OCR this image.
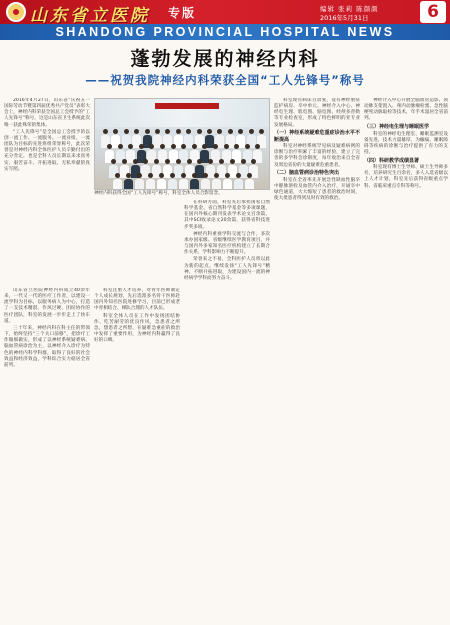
山东省立医院 专版	编辑 张莉 陈颜颜
2016年5月31日	6
SHANDONG PROVINCIAL HOSPITAL NEWS
蓬勃发展的神经内科
——祝贺我院神经内科荣获全国“工人先锋号”称号

2016年4月27日，山东省“庆祝五一国际劳动节暨第四届优秀共产党员”表彰大会上，神经内科荣获全国总工会授予的“工人先锋号”称号，这是山东省卫生系统此次唯一获此殊荣的集体。

“工人先锋号”是全国总工会授予的以创一流工作、一流服务、一流业绩、一流团队为目标的先进班组荣誉称号，此次荣誉是对神经内科全体医护人员辛勤付出的充分肯定，也是全科人员长期以来求真务实、艰苦奋斗、开拓进取、无私奉献的真实写照。

神经内科获得全国“工人先锋号”称号，科室全体人员合影留念。

山东省立医院神经内科成立40余年来，一代又一代的医疗工作者，以建设一流学科为目标，以服务病人为中心，打造了一支技术精湛、作风过硬、团结协作的医疗团队，科室的发展一步步走上了快车道。

三十年来，神经内科在科主任的带领下，始终坚持“三个关口前移”，把诊疗工作做细做实，形成了以神经系统疑难病、脑血管病诊治为主，以神经介入诊疗为特色的神经内科学科群，取得了良好的社会效益和经济效益，学科综合实力稳居全省前列。

科室注重人才培养，对青年医师制定个人成长规划，先后选派多名骨干医师赴国内外知名医院进修学习，目前已形成老中青相结合、梯队合理的人才队伍。

科室全体人员在工作中发扬团结协作、吃苦耐劳的优良作风，急患者之所急，想患者之所想，在疑难急重症的救治中发挥了重要作用，为神经内科赢得了良好的口碑。

在科研方面，科室先后承担国家自然科学基金、省自然科学基金等多项课题，在国内外核心期刊发表学术论文百余篇，其中SCI收录论文20余篇，获得省科技进步奖多项。

神经内科重视学科交流与合作，多次承办国家级、省级继续医学教育项目，并与国内外多家知名医疗机构建立了长期合作关系，学科影响力不断提升。

荣誉来之不易，全科医护人员将以此为新的起点，继续发扬“工人先锋号”精神，不断开拓进取，为建设国内一流的神经病学学科而努力奋斗。

科室现有病床百余张，设有神经重症监护病房、卒中单元、神经介入中心、神经电生理、肌电图、脑电图、经颅多普勒等专业检查室，形成了特色鲜明的亚专业发展格局。

（一）神经系统疑难危重症诊治水平不断提高

科室对神经系统罕见病及疑难病例的诊断与治疗积累了丰富的经验，建立了完善的多学科会诊制度，每年收治来自全省及周边省份的大量疑难危重患者。

（二）脑血管病诊治特色突出

科室在全省率先开展急性缺血性脑卒中静脉溶栓及血管内介入治疗，开通卒中绿色通道，大大缩短了患者的救治时间，使大批患者得到及时有效的救治。

神经介入中心开展全脑血管造影、颈动脉支架置入、颅内动脉瘤栓塞、急性脑梗死动脉取栓等技术，年手术量居全省前列。

（三）神经电生理与睡眠医学

科室的神经电生理室、睡眠监测室设备先进，技术力量雄厚，为癫痫、睡眠障碍等疾病的诊断与治疗提供了有力的支持。

（四）科研教学成绩显著

科室现有博士生导师、硕士生导师多名，培养研究生百余名，多人入选省级以上人才计划，科室先后获得省级重点学科、省临床重点专科等称号。
